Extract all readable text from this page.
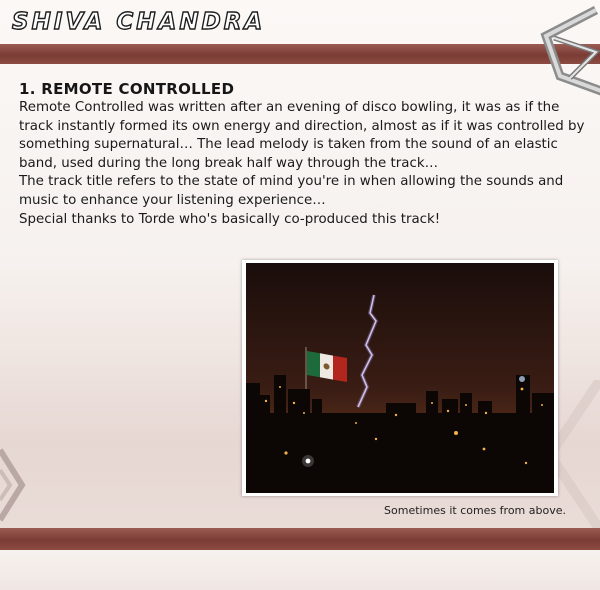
SHIVA CHANDRA
1. REMOTE CONTROLLED

Remote Controlled was written after an evening of disco bowling, it was as if the track instantly formed its own energy and direction, almost as if it was controlled by something supernatural… The lead melody is taken from the sound of an elastic band, used during the long break half way through the track…

The track title refers to the state of mind you're in when allowing the sounds and music to enhance your listening experience…

Special thanks to Torde who's basically co-produced this track!

Sometimes it comes from above.
